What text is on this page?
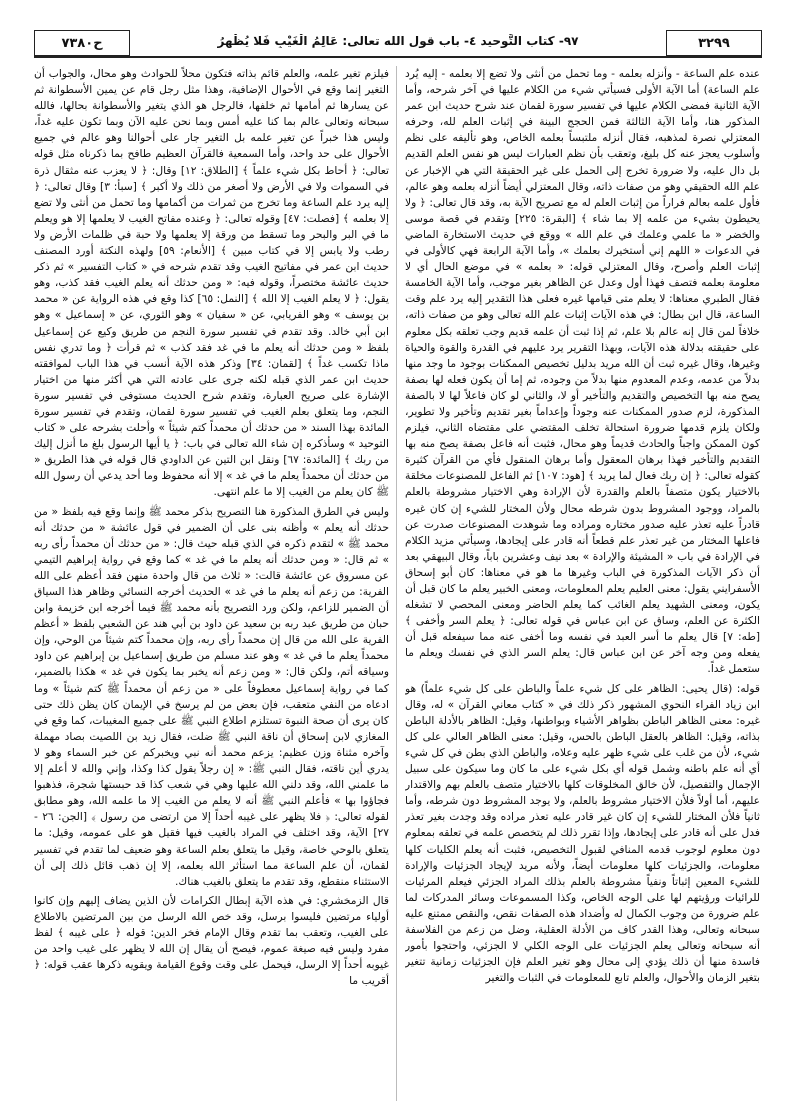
٣٢٩٩
٩٧- كتاب التَّوحيد ٤- باب قول الله تعالى: عَالِمُ الْغَيْبِ فَلا يُظْهِرُ
ح٧٣٨٠

عنده علم الساعة - وأنزله بعلمه - وما تحمل من أنثى ولا تضع إلا بعلمه - إليه يُرد علم الساعة) أما الآية الأولى فسيأتي شيء من الكلام عليها في آخر شرحه، وأما الآية الثانية فمضى الكلام عليها في تفسير سورة لقمان عند شرح حديث ابن عمر المذكور هنا، وأما الآية الثالثة فمن الحجج البينة في إثبات العلم لله، وحرفه المعتزلي نصرة لمذهبه، فقال أنزله ملتبساً بعلمه الخاص، وهو تأليفه على نظم وأسلوب يعجز عنه كل بليغ، وتعقب بأن نظم العبارات ليس هو نفس العلم القديم بل دال عليه، ولا ضرورة تخرج إلى الحمل على غير الحقيقة التي هي الإخبار عن علم الله الحقيقي وهو من صفات ذاته، وقال المعتزلي أيضاً أنزله بعلمه وهو عالم، فأول علمه بعالم فراراً من إثبات العلم له مع تصريح الآية به، وقد قال تعالى: ﴿ ولا يحيطون بشيء من علمه إلا بما شاء ﴾ [البقرة: ٢٢٥] وتقدم في قصة موسى والخضر « ما علمي وعلمك في علم الله » ووقع في حديث الاستخارة الماضي في الدعوات « اللهم إني أستخيرك بعلمك »، وأما الآية الرابعة فهي كالأولى في إثبات العلم وأصرح، وقال المعتزلي قوله: « بعلمه » في موضع الحال أي لا معلومة بعلمه فتصف فهذا أول وعدل عن الظاهر بغير موجب، وأما الآية الخامسة فقال الطبري معناها: لا يعلم متى قيامها غيره فعلى هذا التقدير إليه يرد علم وقت الساعة، قال ابن بطال: في هذه الآيات إثبات علم الله تعالى وهو من صفات ذاته، خلافاً لمن قال إنه عالم بلا علم، ثم إذا ثبت أن علمه قديم وجب تعلقه بكل معلوم على حقيقته بدلالة هذه الآيات، وبهذا التقرير يرد عليهم في القدرة والقوة والحياة وغيرها، وقال غيره ثبت أن الله مريد بدليل تخصيص الممكنات بوجود ما وجد منها بدلاً من عدمه، وعدم المعدوم منها بدلاً من وجوده، ثم إما أن يكون فعله لها بصفة يصح منه بها التخصيص والتقديم والتأخير أو لا، والثاني لو كان فاعلاً لها لا بالصفة المذكورة، لزم صدور الممكنات عنه وجوداً وإعداماً بغير تقديم وتأخير ولا تطوير، ولكان يلزم قدمها ضرورة استحالة تخلف المقتضي على مقتضاه الثاني، فيلزم كون الممكن واجباً والحادث قديماً وهو محال، فثبت أنه فاعل بصفة يصح منه بها التقديم والتأخير فهذا برهان المعقول وأما برهان المنقول فأي من القرآن كثيرة كقوله تعالى: ﴿ إن ربك فعال لما يريد ﴾ [هود: ١٠٧] ثم الفاعل للمصنوعات مخلقة بالاختيار يكون متصفاً بالعلم والقدرة لأن الإرادة وهي الاختيار مشروطة بالعلم بالمراد، ووجود المشروط بدون شرطه محال ولأن المختار للشيء إن كان غيره قادراً عليه تعذر عليه صدور مختاره ومراده وما شوهدت المصنوعات صدرت عن فاعلها المختار من غير تعذر علم قطعاً أنه قادر على إيجادها، وسيأتي مزيد الكلام في الإرادة في باب « المشيئة والإرادة » بعد نيف وعشرين باباً، وقال البيهقي بعد أن ذكر الآيات المذكورة في الباب وغيرها ما هو في معناها: كان أبو إسحاق الأسفرايني يقول: معنى العليم يعلم المعلومات، ومعنى الخبير يعلم ما كان قبل أن يكون، ومعنى الشهيد يعلم الغائب كما يعلم الحاضر ومعنى المحصي لا تشغله الكثرة عن العلم، وساق عن ابن عباس في قوله تعالى: ﴿ يعلم السر وأخفى ﴾ [طه: ٧] قال يعلم ما أسر العبد في نفسه وما أخفى عنه مما سيفعله قبل أن يفعله ومن وجه آخر عن ابن عباس قال: يعلم السر الذي في نفسك ويعلم ما ستعمل غداً.

قوله: (قال يحيى: الظاهر على كل شيء علماً والباطن على كل شيء علماً) هو ابن زياد الفراء النحوي المشهور ذكر ذلك في « كتاب معاني القرآن » له، وقال غيره: معنى الظاهر الباطن بظواهر الأشياء وبواطنها، وقيل: الظاهر بالأدلة الباطن بذاته، وقيل: الظاهر بالعقل الباطن بالحس، وقيل: معنى الظاهر العالي على كل شيء، لأن من غلب على شيء ظهر عليه وعلاه، والباطن الذي بطن في كل شيء أي أنه علم باطنه وشمل قوله أي بكل شيء على ما كان وما سيكون على سبيل الإجمال والتفصيل، لأن خالق المخلوقات كلها بالاختيار متصف بالعلم بهم والاقتدار عليهم، أما أولاً فلأن الاختيار مشروط بالعلم، ولا يوجد المشروط دون شرطه، وأما ثانياً فلأن المختار للشيء إن كان غير قادر عليه تعذر مراده وقد وجدت بغير تعذر فدل على أنه قادر على إيجادها، وإذا تقرر ذلك لم يتخصص علمه في تعلقه بمعلوم دون معلوم لوجوب قدمه المنافي لقبول التخصيص، فثبت أنه يعلم الكليات كلها معلومات، والجزئيات كلها معلومات أيضاً، ولأنه مريد لإيجاد الجزئيات والإرادة للشيء المعين إثباتاً ونفياً مشروطة بالعلم بذلك المراد الجزئي فيعلم المرئيات للرائيات ورؤيتهم لها على الوجه الخاص، وكذا المسموعات وسائر المدركات لما علم ضرورة من وجوب الكمال له وأضداد هذه الصفات نقص، والنقص ممتنع عليه سبحانه وتعالى، وهذا القدر كاف من الأدلة العقلية، وضل من زعم من الفلاسفة أنه سبحانه وتعالى يعلم الجزئيات على الوجه الكلي لا الجزئي، واحتجوا بأمور فاسدة منها أن ذلك يؤدي إلى محال وهو تغير العلم فإن الجزئيات زمانية تتغير بتغير الزمان والأحوال، والعلم تابع للمعلومات في الثبات والتغير

فيلزم تغير علمه، والعلم قائم بذاته فتكون محلاً للحوادث وهو محال، والجواب أن التغير إنما وقع في الأحوال الإضافية، وهذا مثل رجل قام عن يمين الأسطوانة ثم عن يسارها ثم أمامها ثم خلفها، فالرجل هو الذي يتغير والأسطوانة بحالها، فالله سبحانه وتعالى عالم بما كنا عليه أمس وبما نحن عليه الآن وبما تكون عليه غداً، وليس هذا خبراً عن تغير علمه بل التغير جار على أحوالنا وهو عالم في جميع الأحوال على حد واحد، وأما السمعية فالقرآن العظيم طافح بما ذكرناه مثل قوله تعالى: ﴿ أحاط بكل شيء علماً ﴾ [الطلاق: ١٢] وقال: ﴿ لا يعزب عنه مثقال ذرة في السموات ولا في الأرض ولا أصغر من ذلك ولا أكبر ﴾ [سبأ: ٣] وقال تعالى: ﴿ إليه يرد علم الساعة وما تخرج من ثمرات من أكمامها وما تحمل من أنثى ولا تضع إلا بعلمه ﴾ [فصلت: ٤٧] وقوله تعالى: ﴿ وعنده مفاتح الغيب لا يعلمها إلا هو ويعلم ما في البر والبحر وما تسقط من ورقة إلا يعلمها ولا حبة في ظلمات الأرض ولا رطب ولا يابس إلا في كتاب مبين ﴾ [الأنعام: ٥٩] ولهذه النكتة أورد المصنف حديث ابن عمر في مفاتيح الغيب وقد تقدم شرحه في « كتاب التفسير » ثم ذكر حديث عائشة مختصراً، وقوله فيه: « ومن حدثك أنه يعلم الغيب فقد كذب، وهو يقول: ﴿ لا يعلم الغيب إلا الله ﴾ [النمل: ٦٥] كذا وقع في هذه الرواية عن « محمد بن يوسف » وهو الفريابي، عن « سفيان » وهو الثوري، عن « إسماعيل » وهو ابن أبي خالد. وقد تقدم في تفسير سورة النجم من طريق وكيع عن إسماعيل بلفظ « ومن حدثك أنه يعلم ما في غد فقد كذب » ثم قرأت ﴿ وما تدري نفس ماذا تكسب غداً ﴾ [لقمان: ٣٤] وذكر هذه الآية أنسب في هذا الباب لموافقته حديث ابن عمر الذي قبله لكنه جرى على عادته التي هي أكثر منها من اختيار الإشارة على صريح العبارة، وتقدم شرح الحديث مستوفى في تفسير سورة النجم، وما يتعلق بعلم الغيب في تفسير سورة لقمان، وتقدم في تفسير سورة المائدة بهذا السند « من حدثك أن محمداً كتم شيئاً » وأحلت بشرحه على « كتاب التوحيد » وسأذكره إن شاء الله تعالى في باب: ﴿ يا أيها الرسول بلغ ما أنزل إليك من ربك ﴾ [المائدة: ٦٧] ونقل ابن التين عن الداودي قال قوله في هذا الطريق « من حدثك أن محمداً يعلم ما في غد » إلا أنه محفوظ وما أحد يدعي أن رسول الله ﷺ كان يعلم من الغيب إلا ما علم انتهى.

وليس في الطرق المذكورة هنا التصريح بذكر محمد ﷺ وإنما وقع فيه بلفظ « من حدثك أنه يعلم » وأظنه بنى على أن الضمير في قول عائشة « من حدثك أنه محمد ﷺ » لتقدم ذكره في الذي قبله حيث قال: « من حدثك أن محمداً رأى ربه » ثم قال: « ومن حدثك أنه يعلم ما في غد » كما وقع في رواية إبراهيم التيمي عن مسروق عن عائشة قالت: « ثلاث من قال واحدة منهن فقد أعظم على الله الفرية: من زعم أنه يعلم ما في غد » الحديث أخرجه النسائي وظاهر هذا السياق أن الضمير للزاعم، ولكن ورد التصريح بأنه محمد ﷺ فيما أخرجه ابن خزيمة وابن حبان من طريق عبد ربه بن سعيد عن داود بن أبي هند عن الشعبي بلفظ « أعظم الفرية على الله من قال إن محمداً رأى ربه، وإن محمداً كتم شيئاً من الوحي، وإن محمداً يعلم ما في غد » وهو عند مسلم من طريق إسماعيل بن إبراهيم عن داود وسياقه أتم، ولكن قال: « ومن زعم أنه يخبر بما يكون في غد » هكذا بالضمير، كما في رواية إسماعيل معطوفاً على « من زعم أن محمداً ﷺ كتم شيئاً » وما ادعاه من النفي متعقب، فإن بعض من لم يرسخ في الإيمان كان يظن ذلك حتى كان يرى أن صحة النبوة تستلزم اطلاع النبي ﷺ على جميع المغيبات، كما وقع في المغازي لابن إسحاق أن ناقة النبي ﷺ ضلت، فقال زيد بن اللصيت بصاد مهملة وآخره مثناة وزن عظيم: يزعم محمد أنه نبي ويخبركم عن خبر السماء وهو لا يدري أين ناقته، فقال النبي ﷺ: « إن رجلاً يقول كذا وكذا، وإني والله لا أعلم إلا ما علمني الله، وقد دلني الله عليها وهي في شعب كذا قد حبستها شجرة، فذهبوا فجاؤوا بها » فأعلم النبي ﷺ أنه لا يعلم من الغيب إلا ما علمه الله، وهو مطابق لقوله تعالى: ﴿ فلا يظهر على غيبه أحداً إلا من ارتضى من رسول ﴾ [الجن: ٢٦ - ٢٧] الآية، وقد اختلف في المراد بالغيب فيها فقيل هو على عمومه، وقيل: ما يتعلق بالوحي خاصة، وقيل ما يتعلق بعلم الساعة وهو ضعيف لما تقدم في تفسير لقمان، أن علم الساعة مما استأثر الله بعلمه، إلا إن ذهب قائل ذلك إلى أن الاستثناء منقطع، وقد تقدم ما يتعلق بالغيب هناك.

قال الزمخشري: في هذه الآية إبطال الكرامات لأن الذين يضاف إليهم وإن كانوا أولياء مرتضين فليسوا برسل، وقد خص الله الرسل من بين المرتضين بالاطلاع على الغيب، وتعقب بما تقدم وقال الإمام فخر الدين: قوله ﴿ على غيبه ﴾ لفظ مفرد وليس فيه صيغة عموم، فيصح أن يقال إن الله لا يظهر على غيب واحد من غيوبه أحداً إلا الرسل، فيحمل على وقت وقوع القيامة ويقويه ذكرها عقب قوله: ﴿ أقريب ما
